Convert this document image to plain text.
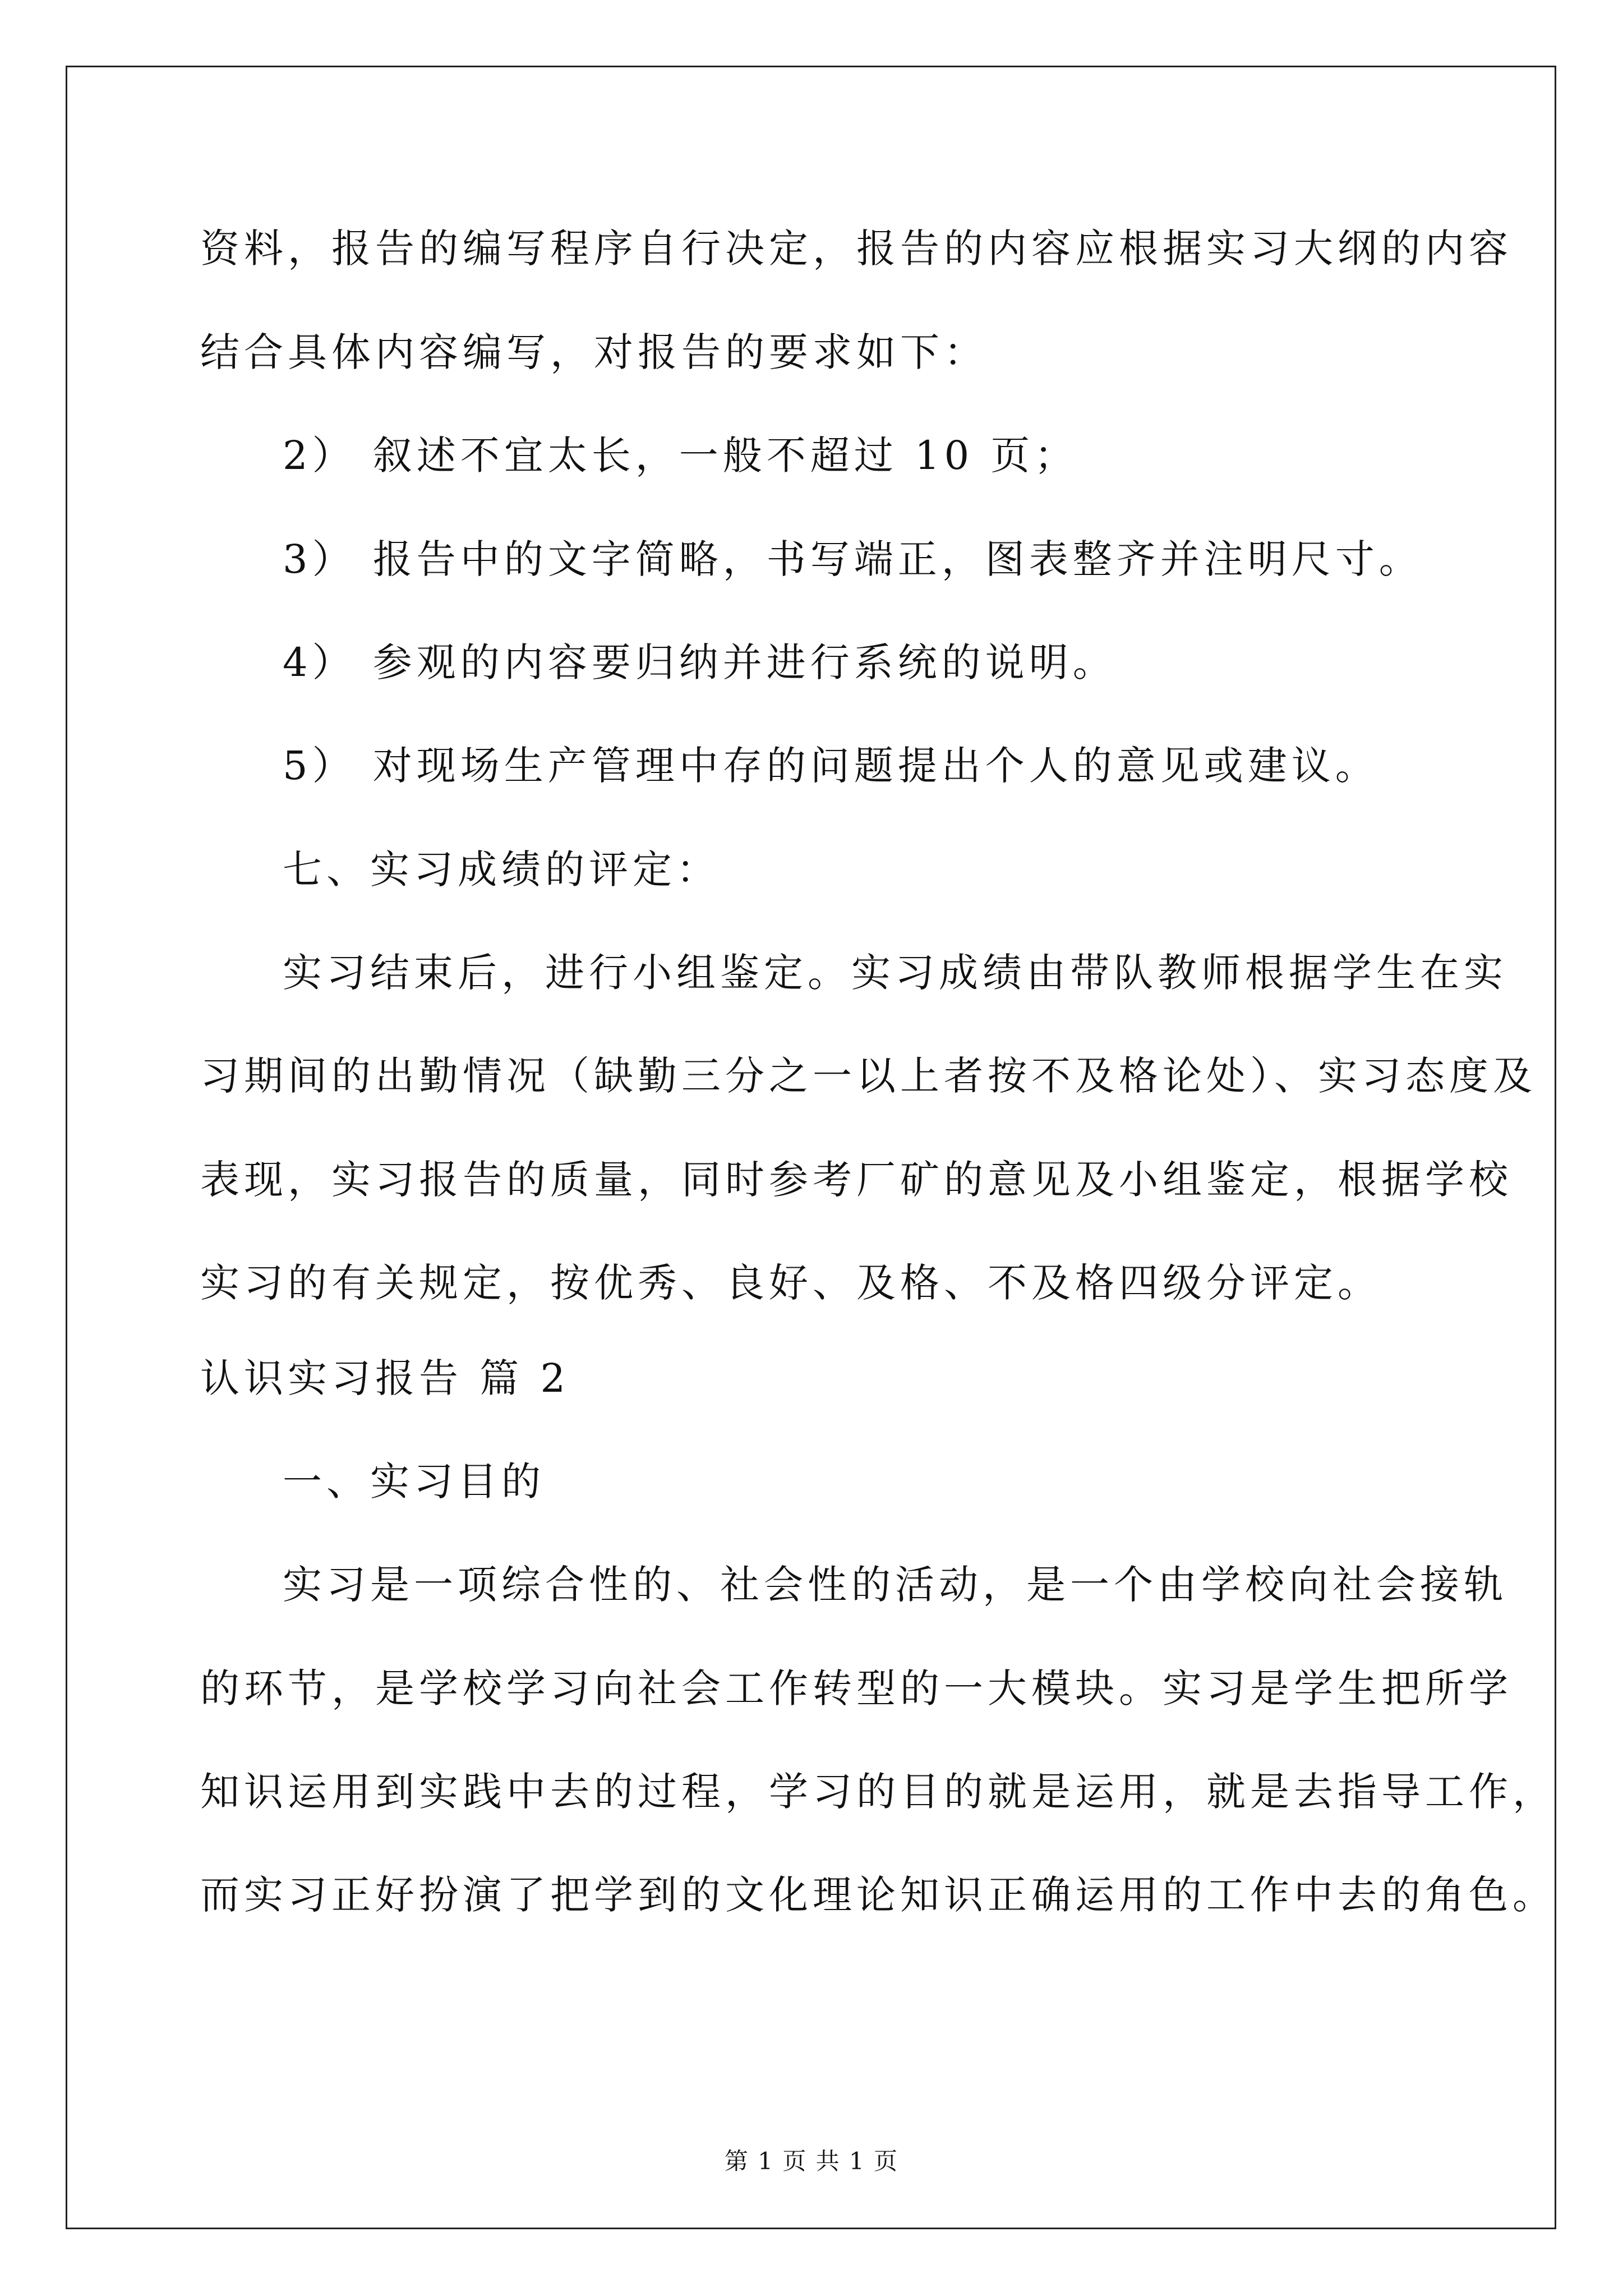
资料，报告的编写程序自行决定，报告的内容应根据实习大纲的内容
结合具体内容编写，对报告的要求如下：
2） 叙述不宜太长，一般不超过 10 页；
3） 报告中的文字简略，书写端正，图表整齐并注明尺寸。
4） 参观的内容要归纳并进行系统的说明。
5） 对现场生产管理中存的问题提出个人的意见或建议。
七、实习成绩的评定：
实习结束后，进行小组鉴定。实习成绩由带队教师根据学生在实
习期间的出勤情况（缺勤三分之一以上者按不及格论处）、实习态度及
表现，实习报告的质量，同时参考厂矿的意见及小组鉴定，根据学校
实习的有关规定，按优秀、良好、及格、不及格四级分评定。
认识实习报告 篇 2
一、实习目的
实习是一项综合性的、社会性的活动，是一个由学校向社会接轨
的环节，是学校学习向社会工作转型的一大模块。实习是学生把所学
知识运用到实践中去的过程，学习的目的就是运用，就是去指导工作，
而实习正好扮演了把学到的文化理论知识正确运用的工作中去的角色。
第 1 页 共 1 页
